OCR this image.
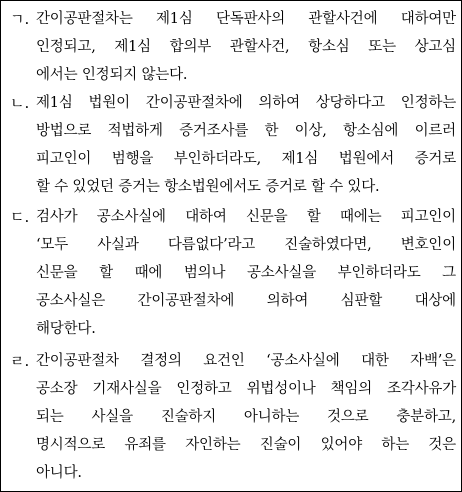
ㄱ. 간이공판절차는 제1심 단독판사의 관할사건에 대하여만
인정되고, 제1심 합의부 관할사건, 항소심 또는 상고심
에서는 인정되지 않는다.

ㄴ. 제1심 법원이 간이공판절차에 의하여 상당하다고 인정하는
방법으로 적법하게 증거조사를 한 이상, 항소심에 이르러
피고인이 범행을 부인하더라도, 제1심 법원에서 증거로
할 수 있었던 증거는 항소법원에서도 증거로 할 수 있다.

ㄷ. 검사가 공소사실에 대하여 신문을 할 때에는 피고인이
‘모두 사실과 다름없다’라고 진술하였다면, 변호인이
신문을 할 때에 범의나 공소사실을 부인하더라도 그
공소사실은 간이공판절차에 의하여 심판할 대상에
해당한다.

ㄹ. 간이공판절차 결정의 요건인 ‘공소사실에 대한 자백’은
공소장 기재사실을 인정하고 위법성이나 책임의 조각사유가
되는 사실을 진술하지 아니하는 것으로 충분하고,
명시적으로 유죄를 자인하는 진술이 있어야 하는 것은
아니다.
